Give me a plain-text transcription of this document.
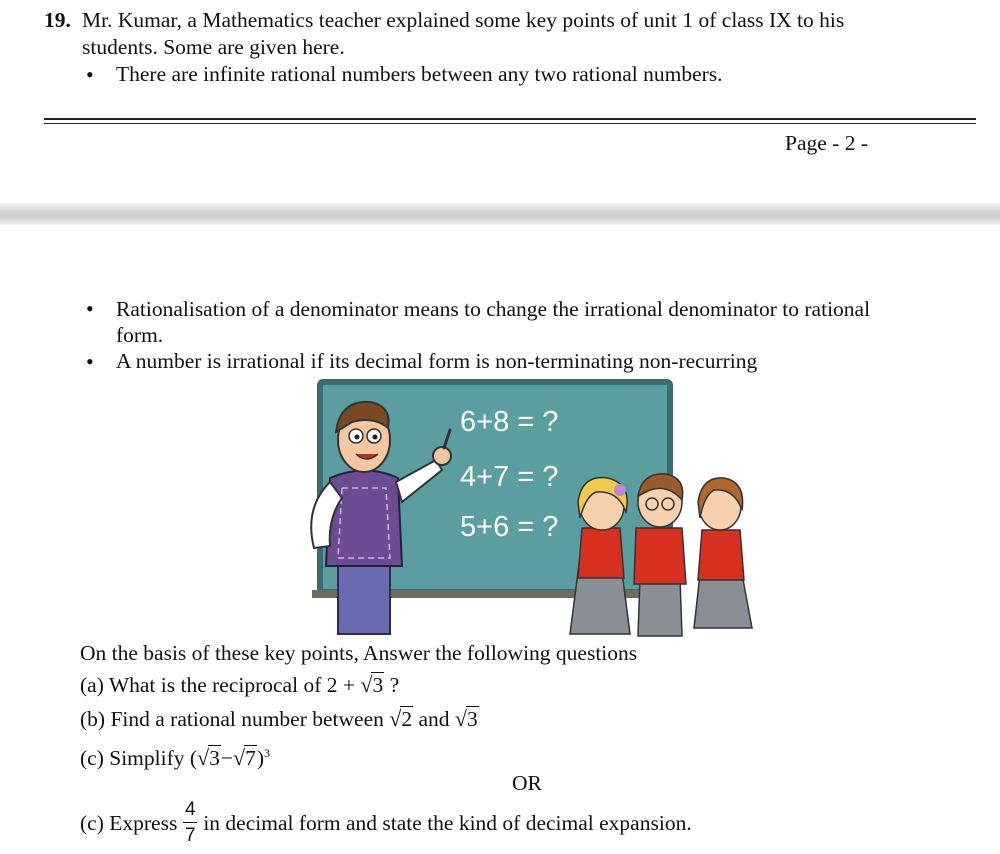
19. Mr. Kumar, a Mathematics teacher explained some key points of unit 1 of class IX to his
students. Some are given here.
• There are infinite rational numbers between any two rational numbers.
Page - 2 -
• Rationalisation of a denominator means to change the irrational denominator to rational
form.
• A number is irrational if its decimal form is non-terminating non-recurring
6+8 = ?
4+7 = ?
5+6 = ?
On the basis of these key points, Answer the following questions
(a) What is the reciprocal of 2 + √3 ?
(b) Find a rational number between √2 and √3
(c) Simplify $(√3-√7)^3$
OR
(c) Express $\frac{4}{7}$ in decimal form and state the kind of decimal expansion.
